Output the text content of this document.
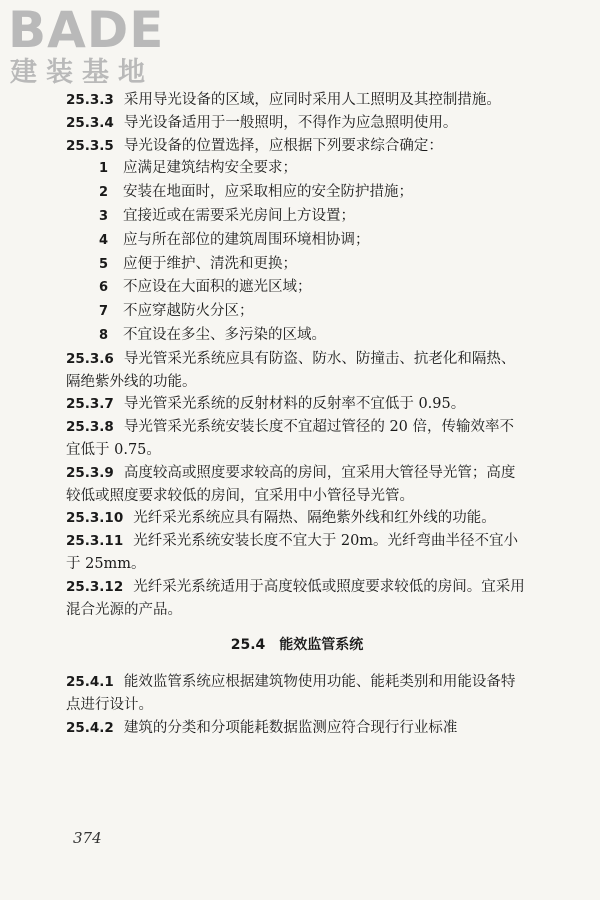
BADE
建装基地

25.3.3 采用导光设备的区域，应同时采用人工照明及其控制措施。

25.3.4 导光设备适用于一般照明，不得作为应急照明使用。

25.3.5 导光设备的位置选择，应根据下列要求综合确定：

1 应满足建筑结构安全要求；

2 安装在地面时，应采取相应的安全防护措施；

3 宜接近或在需要采光房间上方设置；

4 应与所在部位的建筑周围环境相协调；

5 应便于维护、清洗和更换；

6 不应设在大面积的遮光区域；

7 不应穿越防火分区；

8 不宜设在多尘、多污染的区域。

25.3.6 导光管采光系统应具有防盗、防水、防撞击、抗老化和隔热、隔绝紫外线的功能。

25.3.7 导光管采光系统的反射材料的反射率不宜低于 0.95。

25.3.8 导光管采光系统安装长度不宜超过管径的 20 倍，传输效率不宜低于 0.75。

25.3.9 高度较高或照度要求较高的房间，宜采用大管径导光管；高度较低或照度要求较低的房间，宜采用中小管径导光管。

25.3.10 光纤采光系统应具有隔热、隔绝紫外线和红外线的功能。

25.3.11 光纤采光系统安装长度不宜大于 20m。光纤弯曲半径不宜小于 25mm。

25.3.12 光纤采光系统适用于高度较低或照度要求较低的房间。宜采用混合光源的产品。

25.4　能效监管系统

25.4.1 能效监管系统应根据建筑物使用功能、能耗类别和用能设备特点进行设计。

25.4.2 建筑的分类和分项能耗数据监测应符合现行行业标准

374
